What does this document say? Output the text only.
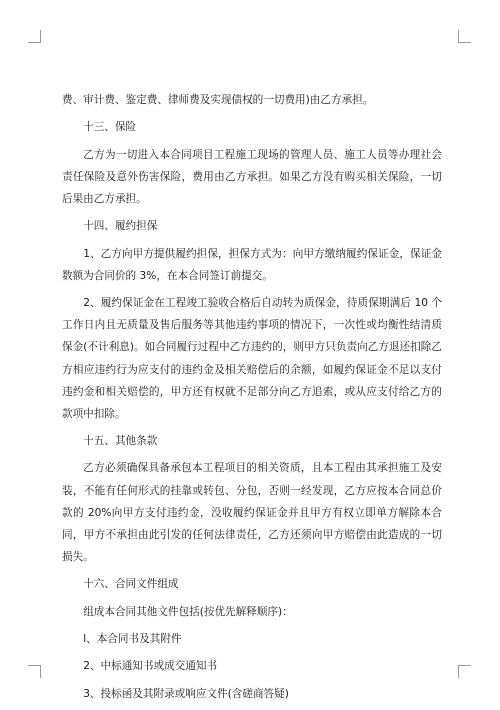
费、审计费、鉴定费、律师费及实现债权的一切费用)由乙方承担。

十三、保险

乙方为一切进入本合同项目工程施工现场的管理人员、施工人员等办理社会责任保险及意外伤害保险，费用由乙方承担。如果乙方没有购买相关保险，一切后果由乙方承担。

十四、履约担保

1、乙方向甲方提供履约担保，担保方式为：向甲方缴纳履约保证金，保证金数额为合同价的 3%，在本合同签订前提交。

2、履约保证金在工程竣工验收合格后自动转为质保金，待质保期满后 10 个工作日内且无质量及售后服务等其他违约事项的情况下，一次性或均衡性结清质保金(不计利息)。如合同履行过程中乙方违约的，则甲方只负责向乙方退还扣除乙方相应违约行为应支付的违约金及相关赔偿后的余额，如履约保证金不足以支付违约金和相关赔偿的，甲方还有权就不足部分向乙方追索，或从应支付给乙方的款项中扣除。

十五、其他条款

乙方必须确保具备承包本工程项目的相关资质，且本工程由其承担施工及安装，不能有任何形式的挂靠或转包、分包，否则一经发现，乙方应按本合同总价款的 20%向甲方支付违约金，没收履约保证金并且甲方有权立即单方解除本合同，甲方不承担由此引发的任何法律责任，乙方还须向甲方赔偿由此造成的一切损失。

十六、合同文件组成

组成本合同其他文件包括(按优先解释顺序)：

l、本合同书及其附件

2、中标通知书或成交通知书

3、投标函及其附录或响应文件(含磋商答疑)
